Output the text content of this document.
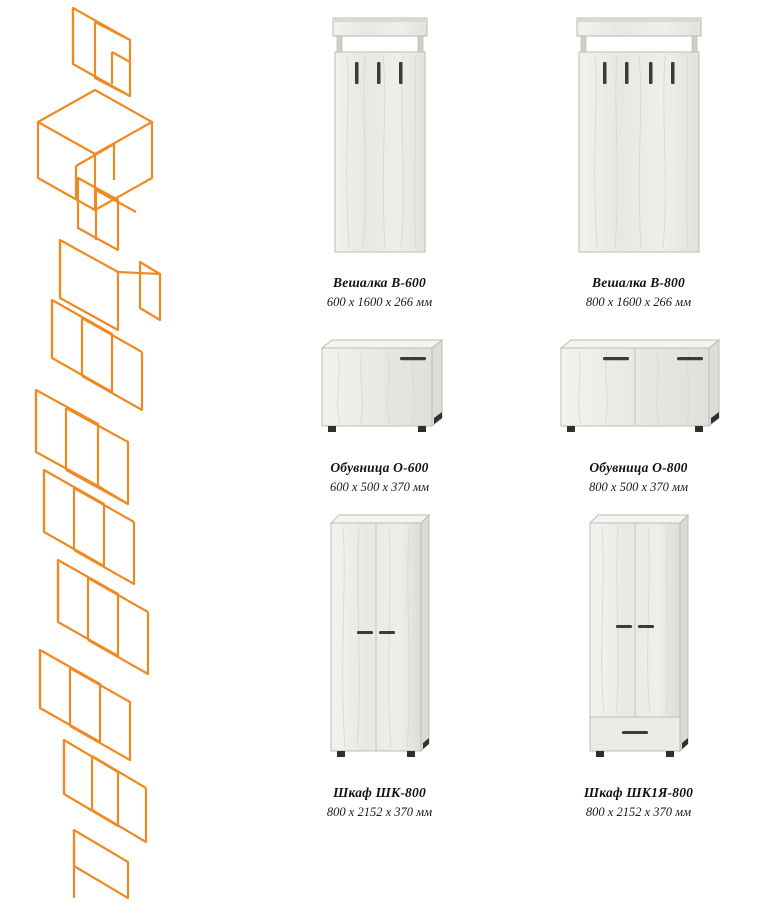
Вешалка В-600
600 х 1600 х 266 мм
Вешалка В-800
800 х 1600 х 266 мм
Обувница О-600
600 х 500 х 370 мм
Обувница О-800
800 х 500 х 370 мм
Шкаф ШК-800
800 х 2152 х 370 мм
Шкаф ШК1Я-800
800 х 2152 х 370 мм
